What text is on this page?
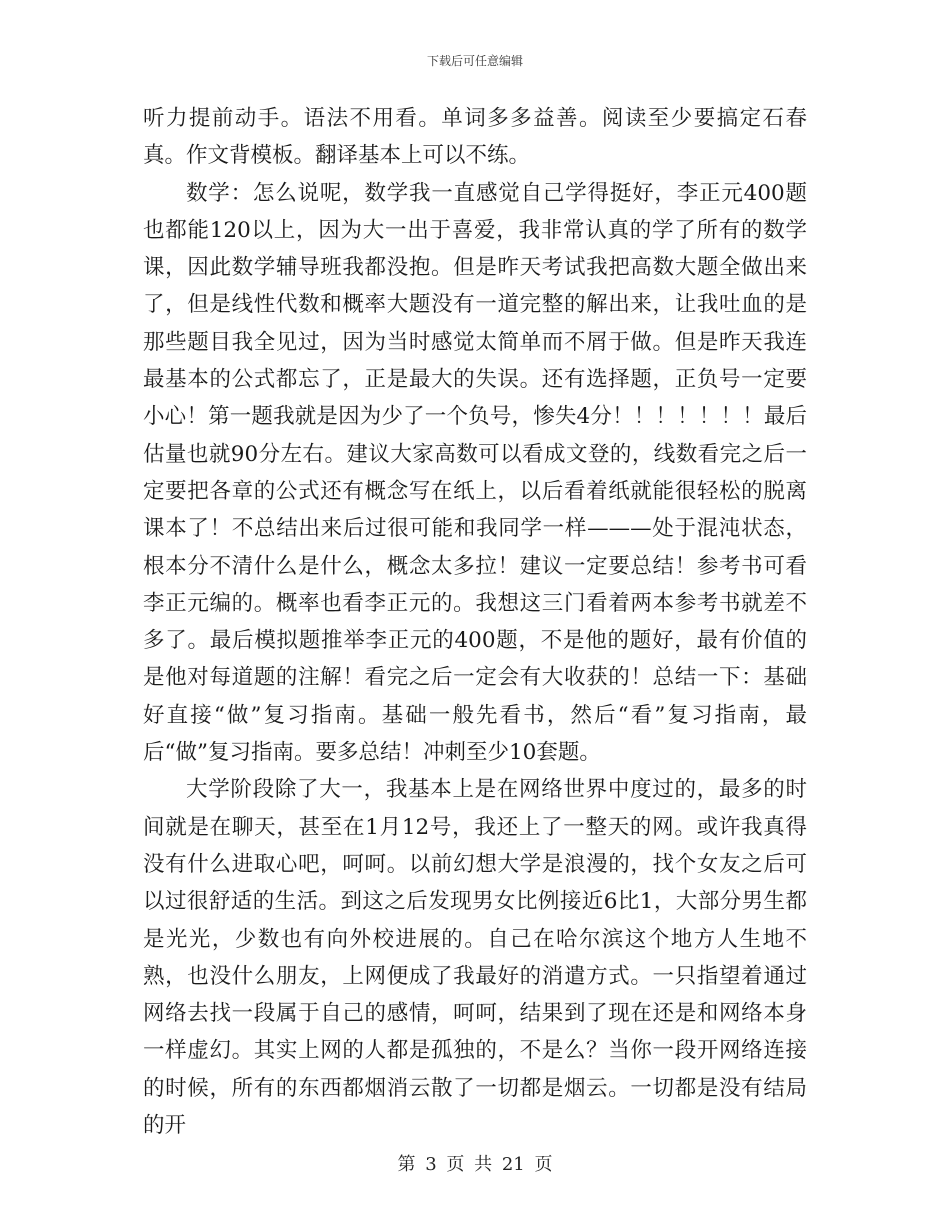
下载后可任意编辑

听力提前动手。语法不用看。单词多多益善。阅读至少要搞定石春真。作文背模板。翻译基本上可以不练。

数学：怎么说呢，数学我一直感觉自己学得挺好，李正元400题也都能120以上，因为大一出于喜爱，我非常认真的学了所有的数学课，因此数学辅导班我都没抱。但是昨天考试我把高数大题全做出来了，但是线性代数和概率大题没有一道完整的解出来，让我吐血的是那些题目我全见过，因为当时感觉太简单而不屑于做。但是昨天我连最基本的公式都忘了，正是最大的失误。还有选择题，正负号一定要小心！第一题我就是因为少了一个负号，惨失4分！！！！！！！最后估量也就90分左右。建议大家高数可以看成文登的，线数看完之后一定要把各章的公式还有概念写在纸上，以后看着纸就能很轻松的脱离课本了！不总结出来后过很可能和我同学一样———处于混沌状态，根本分不清什么是什么，概念太多拉！建议一定要总结！参考书可看李正元编的。概率也看李正元的。我想这三门看着两本参考书就差不多了。最后模拟题推举李正元的400题，不是他的题好，最有价值的是他对每道题的注解！看完之后一定会有大收获的！总结一下：基础好直接“做”复习指南。基础一般先看书，然后“看”复习指南，最后“做”复习指南。要多总结！冲刺至少10套题。

大学阶段除了大一，我基本上是在网络世界中度过的，最多的时间就是在聊天，甚至在1月12号，我还上了一整天的网。或许我真得没有什么进取心吧，呵呵。以前幻想大学是浪漫的，找个女友之后可以过很舒适的生活。到这之后发现男女比例接近6比1，大部分男生都是光光，少数也有向外校进展的。自己在哈尔滨这个地方人生地不熟，也没什么朋友，上网便成了我最好的消遣方式。一只指望着通过网络去找一段属于自己的感情，呵呵，结果到了现在还是和网络本身一样虚幻。其实上网的人都是孤独的，不是么？当你一段开网络连接的时候，所有的东西都烟消云散了一切都是烟云。一切都是没有结局的开

第 3 页 共 21 页
